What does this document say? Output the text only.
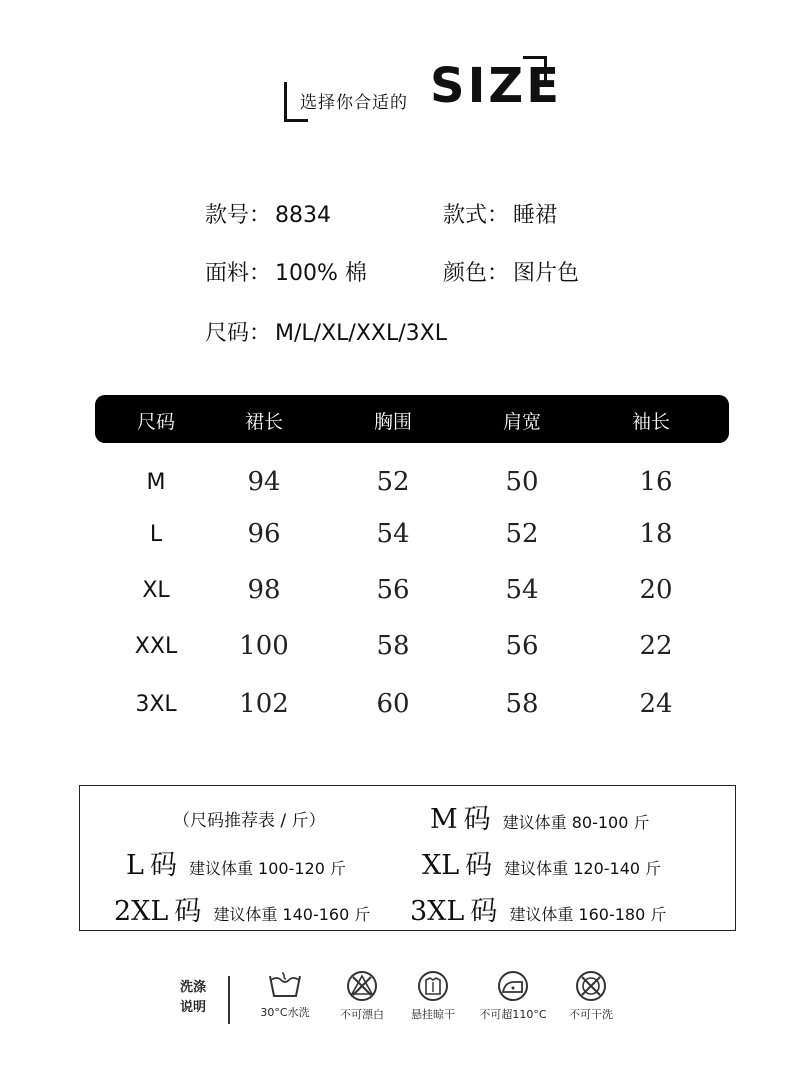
选择你合适的 SIZE
款号： 8834	款式： 睡裙
面料： 100% 棉	颜色： 图片色
尺码： M/L/XL/XXL/3XL
尺码	裙长	胸围	肩宽	袖长
M	94	52	50	16
L	96	54	52	18
XL	98	56	54	20
XXL	100	58	56	22
3XL	102	60	58	24
（尺码推荐表 / 斤）	M 码 建议体重 80-100 斤
L 码 建议体重 100-120 斤	XL 码 建议体重 120-140 斤
2XL 码 建议体重 140-160 斤 3XL 码 建议体重 160-180 斤
洗涤说明	30°C水洗	不可漂白	悬挂晾干	不可超110°C	不可干洗
